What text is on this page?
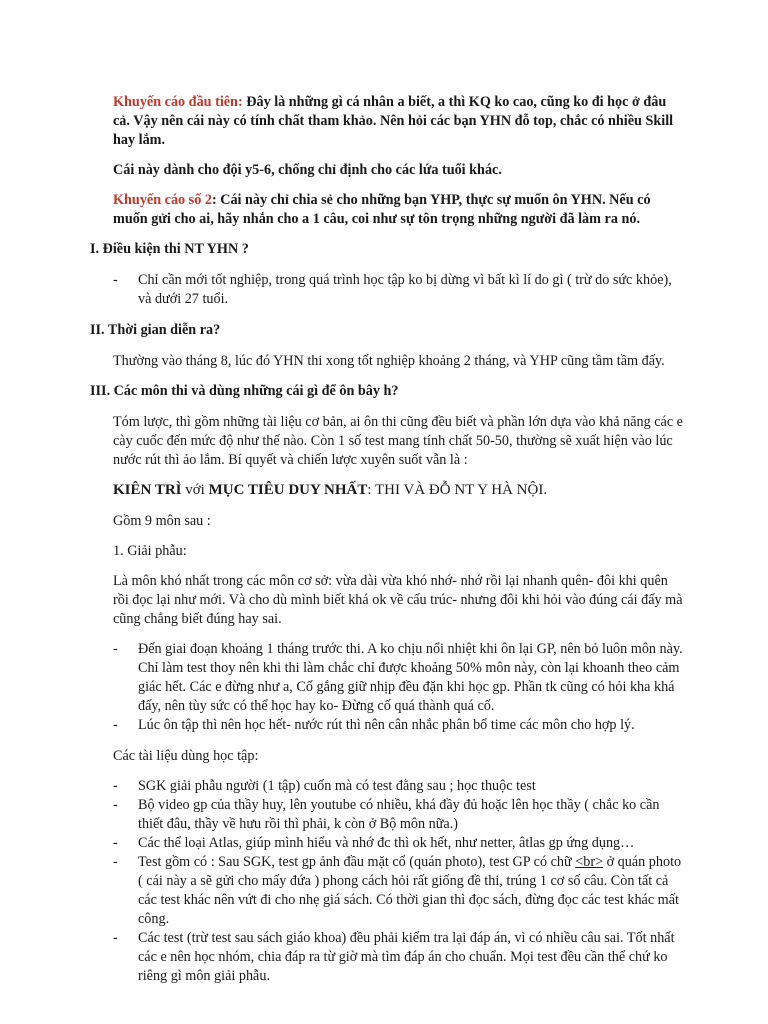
Khuyến cáo đầu tiên: Đây là những gì cá nhân a biết, a thì KQ ko cao, cũng ko đi học ở đâu cả. Vậy nên cái này có tính chất tham khảo. Nên hỏi các bạn YHN đỗ top, chắc có nhiều Skill hay lắm.

Cái này dành cho đội y5-6, chống chỉ định cho các lứa tuổi khác.

Khuyến cáo số 2: Cái này chỉ chia sẻ cho những bạn YHP, thực sự muốn ôn YHN. Nếu có muốn gửi cho ai, hãy nhắn cho a 1 câu, coi như sự tôn trọng những người đã làm ra nó.

I. Điều kiện thi NT YHN ?

- Chỉ cần mới tốt nghiệp, trong quá trình học tập ko bị dừng vì bất kì lí do gì ( trừ do sức khỏe), và dưới 27 tuổi.

II. Thời gian diễn ra?

Thường vào tháng 8, lúc đó YHN thi xong tốt nghiệp khoảng 2 tháng, và YHP cũng tầm tầm đấy.

III. Các môn thi và dùng những cái gì để ôn bây h?

Tóm lược, thì gồm những tài liệu cơ bản, ai ôn thi cũng đều biết và phần lớn dựa vào khả năng các e cày cuốc đến mức độ như thế nào. Còn 1 số test mang tính chất 50-50, thường sẽ xuất hiện vào lúc nước rút thì ảo lắm. Bí quyết và chiến lược xuyên suốt vẫn là :

KIÊN TRÌ với MỤC TIÊU DUY NHẤT: THI VÀ ĐỖ NT Y HÀ NỘI.

Gồm 9 môn sau :

1. Giải phẫu:

Là môn khó nhất trong các môn cơ sở: vừa dài vừa khó nhớ- nhớ rồi lại nhanh quên- đôi khi quên rồi đọc lại như mới. Và cho dù mình biết khá ok về cấu trúc- nhưng đôi khi hỏi vào đúng cái đấy mà cũng chẳng biết đúng hay sai.

- Đến giai đoạn khoảng 1 tháng trước thi. A ko chịu nổi nhiệt khi ôn lại GP, nên bỏ luôn môn này. Chỉ làm test thoy nên khi thi làm chắc chỉ được khoảng 50% môn này, còn lại khoanh theo cảm giác hết. Các e đừng như a, Cố gắng giữ nhịp đều đặn khi học gp. Phần tk cũng có hỏi kha khá đấy, nên tùy sức có thể học hay ko- Đừng cố quá thành quá cố.
- Lúc ôn tập thì nên học hết- nước rút thì nên cân nhắc phân bổ time các môn cho hợp lý.

Các tài liệu dùng học tập:

- SGK giải phẫu người (1 tập) cuốn mà có test đằng sau ; học thuộc test
- Bộ video gp của thầy huy, lên youtube có nhiều, khá đầy đủ hoặc lên học thầy ( chắc ko cần thiết đâu, thầy về hưu rồi thì phải, k còn ở Bộ môn nữa.)
- Các thể loại Atlas, giúp mình hiểu và nhớ đc thì ok hết, như netter, âtlas gp ứng dụng…
- Test gồm có : Sau SGK, test gp ảnh đầu mặt cổ (quán photo), test GP có chữ <br> ở quán photo ( cái này a sẽ gửi cho mấy đứa ) phong cách hỏi rất giống đề thi, trúng 1 cơ số câu. Còn tất cả các test khác nên vứt đi cho nhẹ giá sách. Có thời gian thì đọc sách, đừng đọc các test khác mất công.
- Các test (trừ test sau sách giáo khoa) đều phải kiểm tra lại đáp án, vì có nhiều câu sai. Tốt nhất các e nên học nhóm, chia đáp ra từ giờ mà tìm đáp án cho chuẩn. Mọi test đều cần thể chứ ko riêng gì môn giải phẫu.
